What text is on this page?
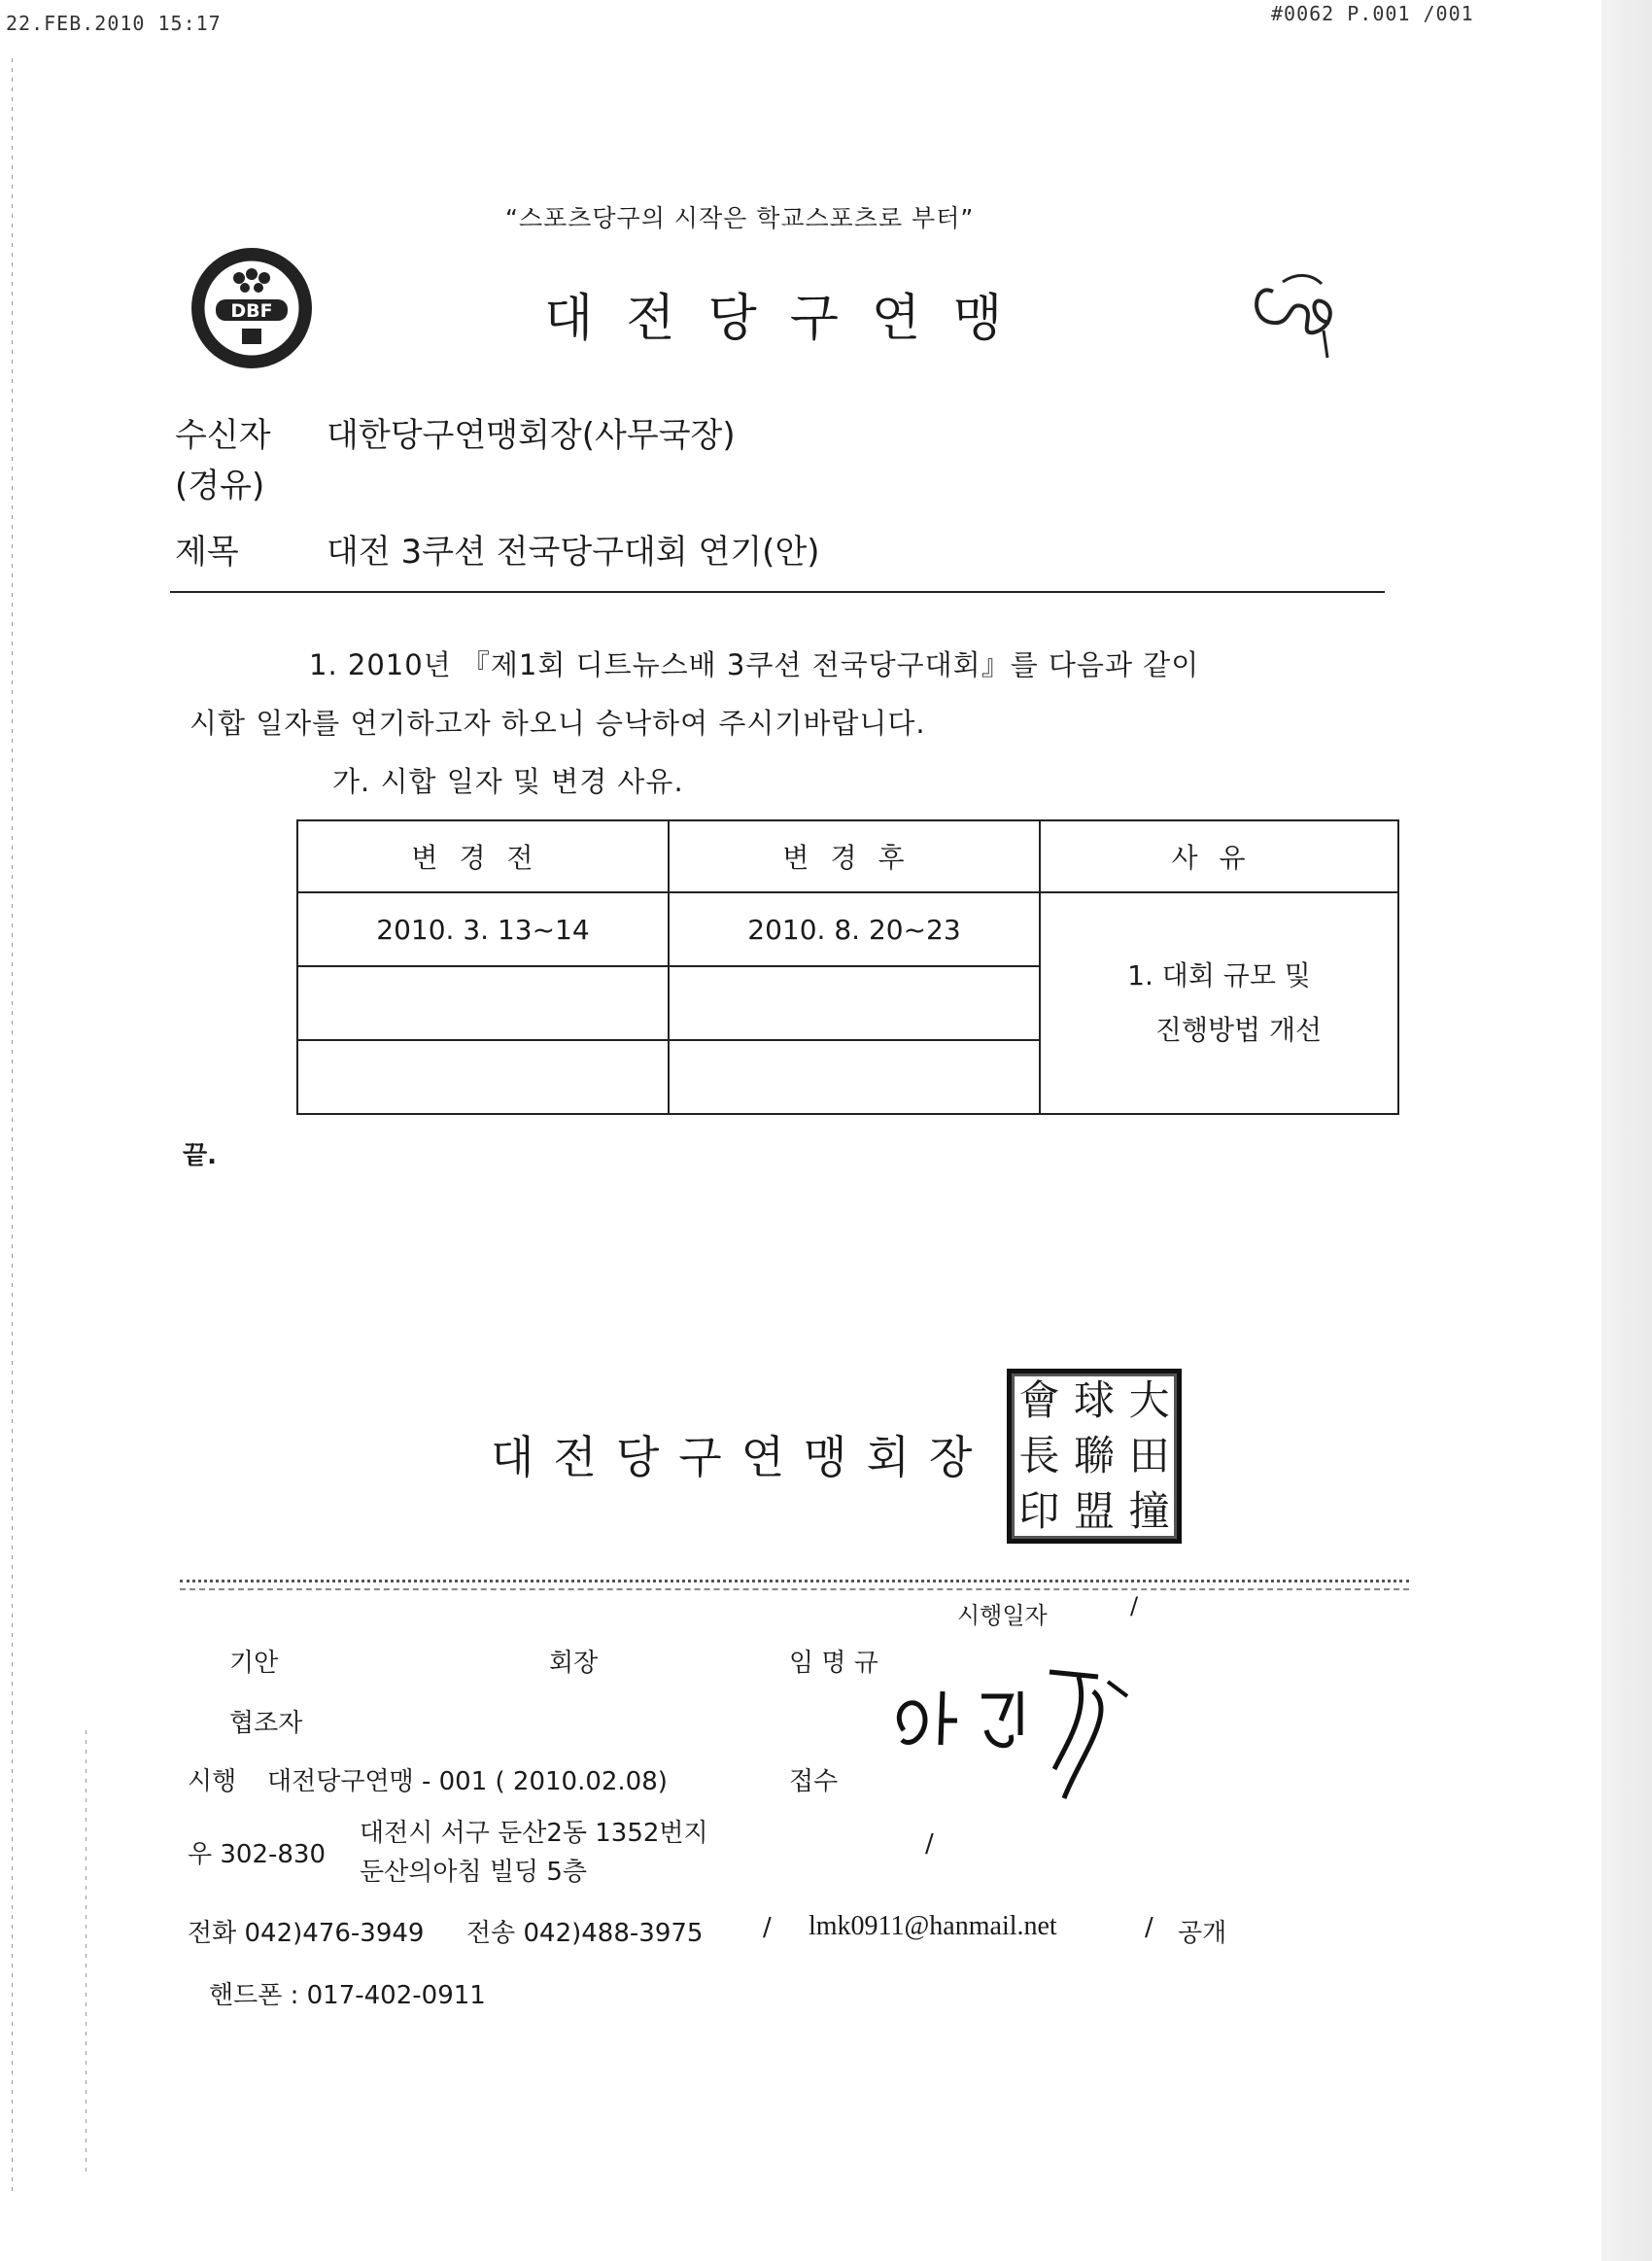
22.FEB.2010 15:17	#0062 P.001 /001
“스포츠당구의 시작은 학교스포츠로 부터”
DBF	대전당구연맹
수신자 대한당구연맹회장(사무국장)
(경유)
제목	대전 3쿠션 전국당구대회 연기(안)
1. 2010년 『제1회 디트뉴스배 3쿠션 전국당구대회』를 다음과 같이
시합 일자를 연기하고자 하오니 승낙하여 주시기바랍니다.
가. 시합 일자 및 변경 사유.
변경전	변경후	사유
2010. 3. 13~14	2010. 8. 20~23	1. 대회 규모 및
진행방법 개선

끝.
대전당구연맹회장
會 球 大
長 聯 田
印 盟 撞
시행일자	/
기안	회장	임 명 규
협조자
시행 대전당구연맹 - 001 ( 2010.02.08)	접수
우 302-830
대전시 서구 둔산2동 1352번지
둔산의아침 빌딩 5층
/
전화 042)476-3949 전송 042)488-3975 / lmk0911@hanmail.net	/ 공개
핸드폰 : 017-402-0911
